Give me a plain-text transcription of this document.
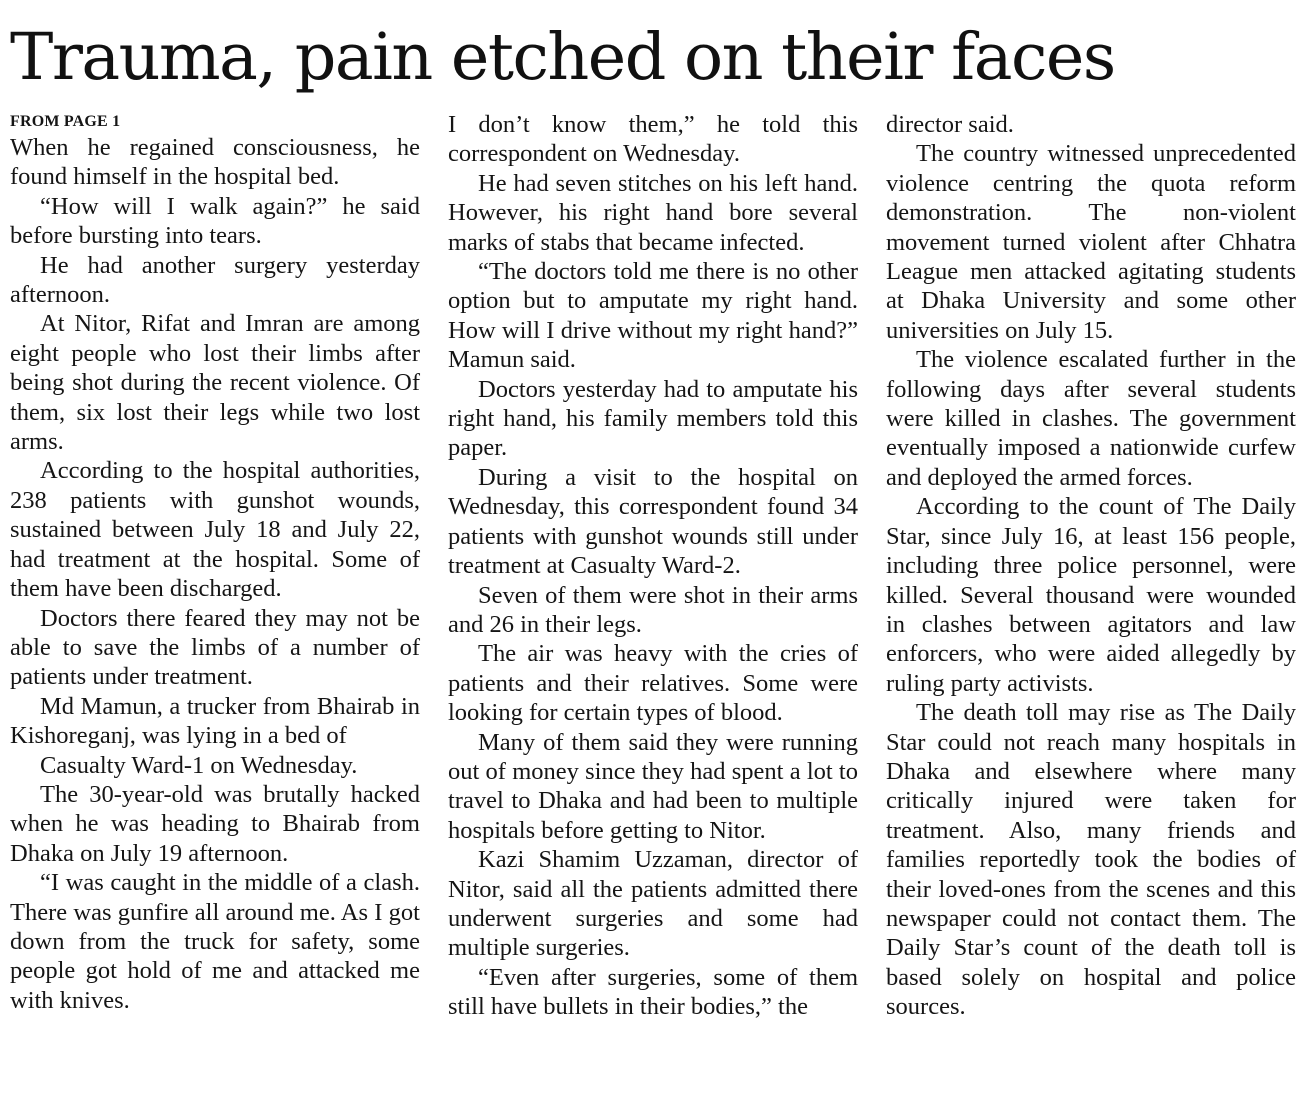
Trauma, pain etched on their faces
FROM PAGE 1

When he regained consciousness, he found himself in the hospital bed.

“How will I walk again?” he said before bursting into tears.

He had another surgery yesterday afternoon.

At Nitor, Rifat and Imran are among eight people who lost their limbs after being shot during the recent violence. Of them, six lost their legs while two lost arms.

According to the hospital authorities, 238 patients with gunshot wounds, sustained between July 18 and July 22, had treatment at the hospital. Some of them have been discharged.

Doctors there feared they may not be able to save the limbs of a number of patients under treatment.

Md Mamun, a trucker from Bhairab in Kishoreganj, was lying in a bed of

Casualty Ward-1 on Wednesday.

The 30-year-old was brutally hacked when he was heading to Bhairab from Dhaka on July 19 afternoon.

“I was caught in the middle of a clash. There was gunfire all around me. As I got down from the truck for safety, some people got hold of me and attacked me with knives.

I don’t know them,” he told this correspondent on Wednesday.

He had seven stitches on his left hand. However, his right hand bore several marks of stabs that became infected.

“The doctors told me there is no other option but to amputate my right hand. How will I drive without my right hand?” Mamun said.

Doctors yesterday had to amputate his right hand, his family members told this paper.

During a visit to the hospital on Wednesday, this correspondent found 34 patients with gunshot wounds still under treatment at Casualty Ward-2.

Seven of them were shot in their arms and 26 in their legs.

The air was heavy with the cries of patients and their relatives. Some were looking for certain types of blood.

Many of them said they were running out of money since they had spent a lot to travel to Dhaka and had been to multiple hospitals before getting to Nitor.

Kazi Shamim Uzzaman, director of Nitor, said all the patients admitted there underwent surgeries and some had multiple surgeries.

“Even after surgeries, some of them still have bullets in their bodies,” the

director said.

The country witnessed unprecedented violence centring the quota reform demonstration. The non-violent movement turned violent after Chhatra League men attacked agitating students at Dhaka University and some other universities on July 15.

The violence escalated further in the following days after several students were killed in clashes. The government eventually imposed a nationwide curfew and deployed the armed forces.

According to the count of The Daily Star, since July 16, at least 156 people, including three police personnel, were killed. Several thousand were wounded in clashes between agitators and law enforcers, who were aided allegedly by ruling party activists.

The death toll may rise as The Daily Star could not reach many hospitals in Dhaka and elsewhere where many critically injured were taken for treatment. Also, many friends and families reportedly took the bodies of their loved-ones from the scenes and this newspaper could not contact them. The Daily Star’s count of the death toll is based solely on hospital and police sources.
